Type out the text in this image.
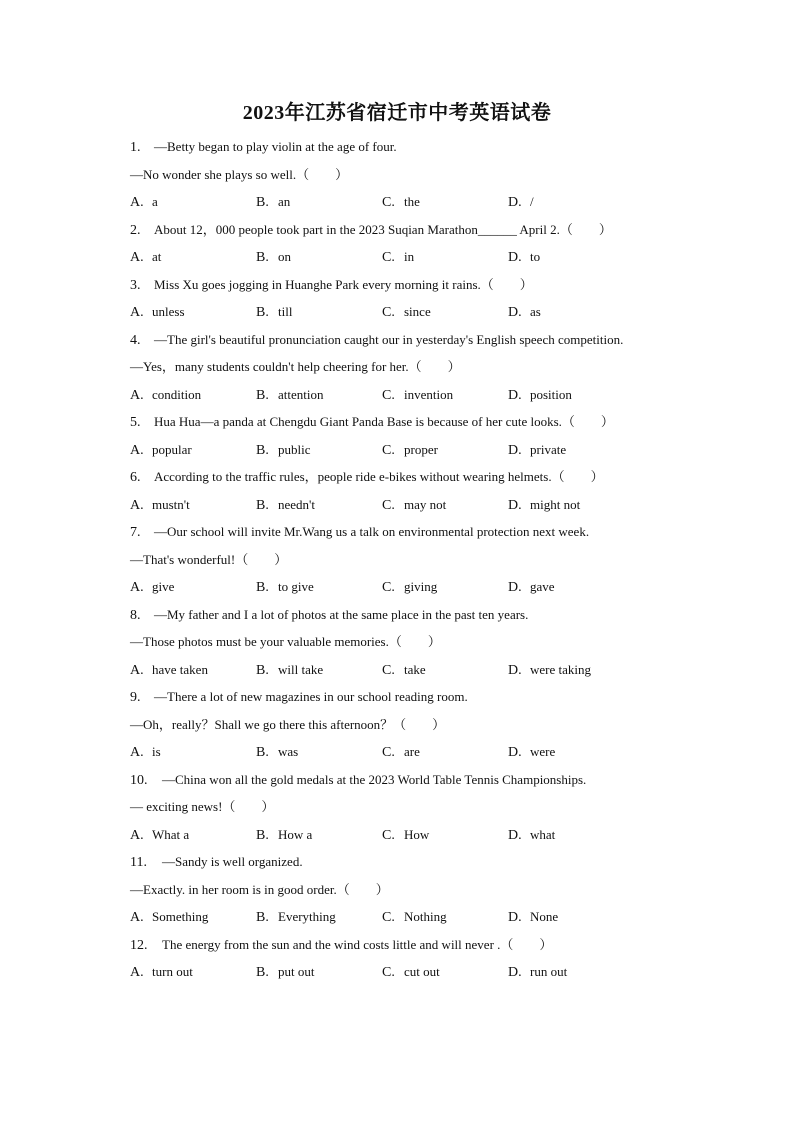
2023年江苏省宿迁市中考英语试卷
1. —Betty began to play violin at the age of four.
—No wonder she plays so well.（　　）
A. a	B. an	C. the	D. /
2. About 12，000 people took part in the 2023 Suqian Marathon______ April 2.（　　）
A. at	B. on	C. in	D. to
3. Miss Xu goes jogging in Huanghe Park every morning it rains.（　　）
A. unless	B. till	C. since	D. as
4. —The girl's beautiful pronunciation caught our in yesterday's English speech competition.
—Yes，many students couldn't help cheering for her.（　　）
A. condition	B. attention	C. invention	D. position
5. Hua Hua—a panda at Chengdu Giant Panda Base is because of her cute looks.（　　）
A. popular	B. public	C. proper	D. private
6. According to the traffic rules，people ride e-bikes without wearing helmets.（　　）
A. mustn't	B. needn't	C. may not	D. might not
7. —Our school will invite Mr.Wang us a talk on environmental protection next week.
—That's wonderful!（　　）
A. give	B. to give	C. giving	D. gave
8. —My father and I a lot of photos at the same place in the past ten years.
—Those photos must be your valuable memories.（　　）
A. have taken	B. will take	C. take	D. were taking
9. —There a lot of new magazines in our school reading room.
—Oh，really？Shall we go there this afternoon？（　　）
A. is	B. was	C. are	D. were
10. —China won all the gold medals at the 2023 World Table Tennis Championships.
— exciting news!（　　）
A. What a	B. How a	C. How	D. what
11. —Sandy is well organized.
—Exactly. in her room is in good order.（　　）
A. Something	B. Everything	C. Nothing	D. None
12. The energy from the sun and the wind costs little and will never .（　　）
A. turn out	B. put out	C. cut out	D. run out
